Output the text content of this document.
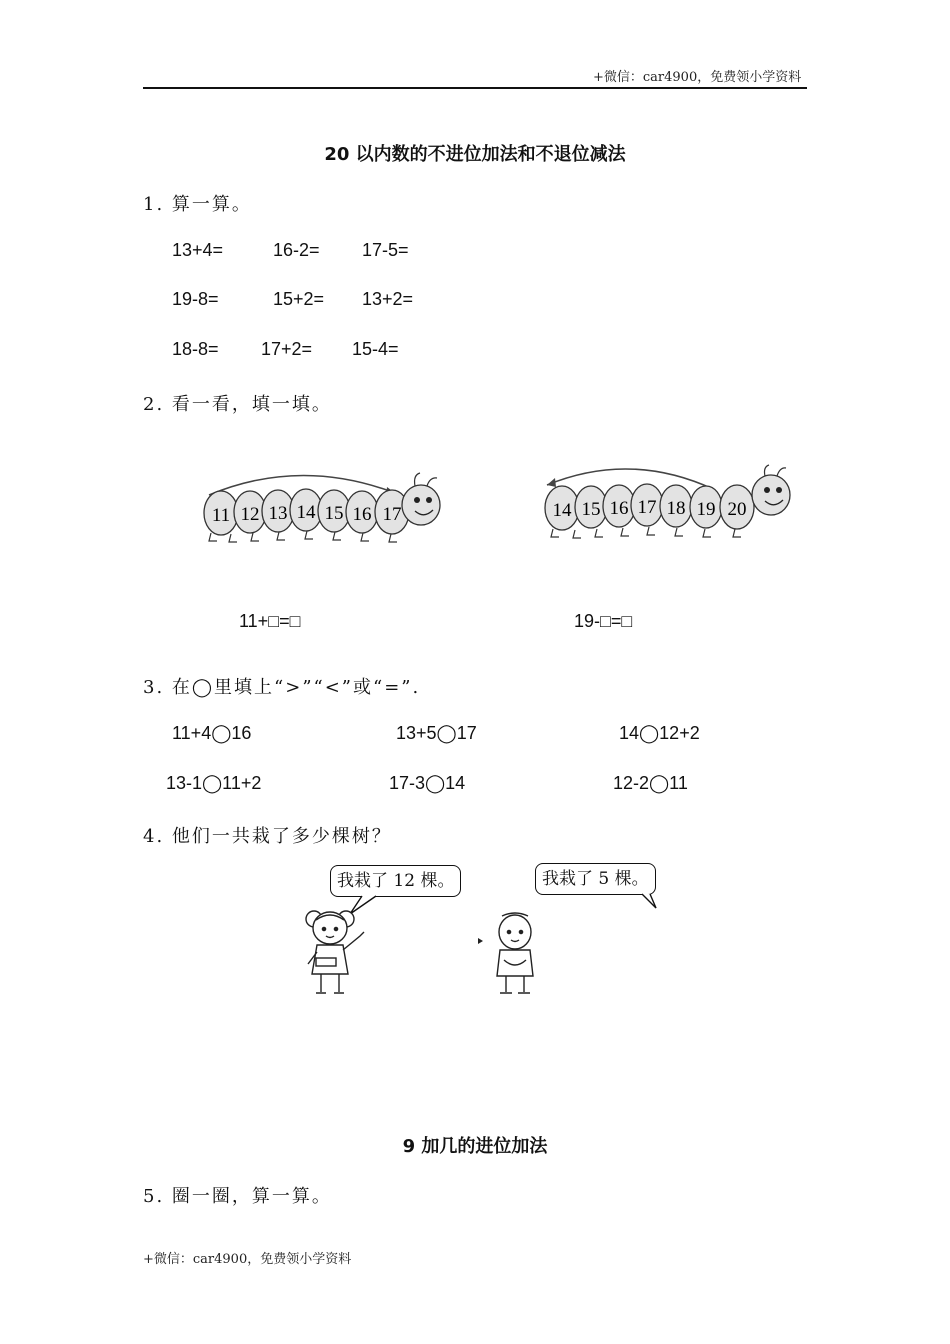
+微信：car4900，免费领小学资料
20 以内数的不进位加法和不退位减法
1. 算一算。
13+4=	16-2= 17-5=
19-8=	15+2= 13+2=
18-8= 17+2= 15-4=
2. 看一看，填一填。
11 12 13 14 15 16 17	14 15 16 17 18 19 20
11+□=□	19-□=□
3. 在◯里填上“>”“<”或“=”.
11+4◯16	13+5◯17	14◯12+2
13-1◯11+2	17-3◯14	12-2◯11
4. 他们一共栽了多少棵树？
我栽了 12 棵。	我栽了 5 棵。
9 加几的进位加法
5. 圈一圈，算一算。
+微信：car4900，免费领小学资料
